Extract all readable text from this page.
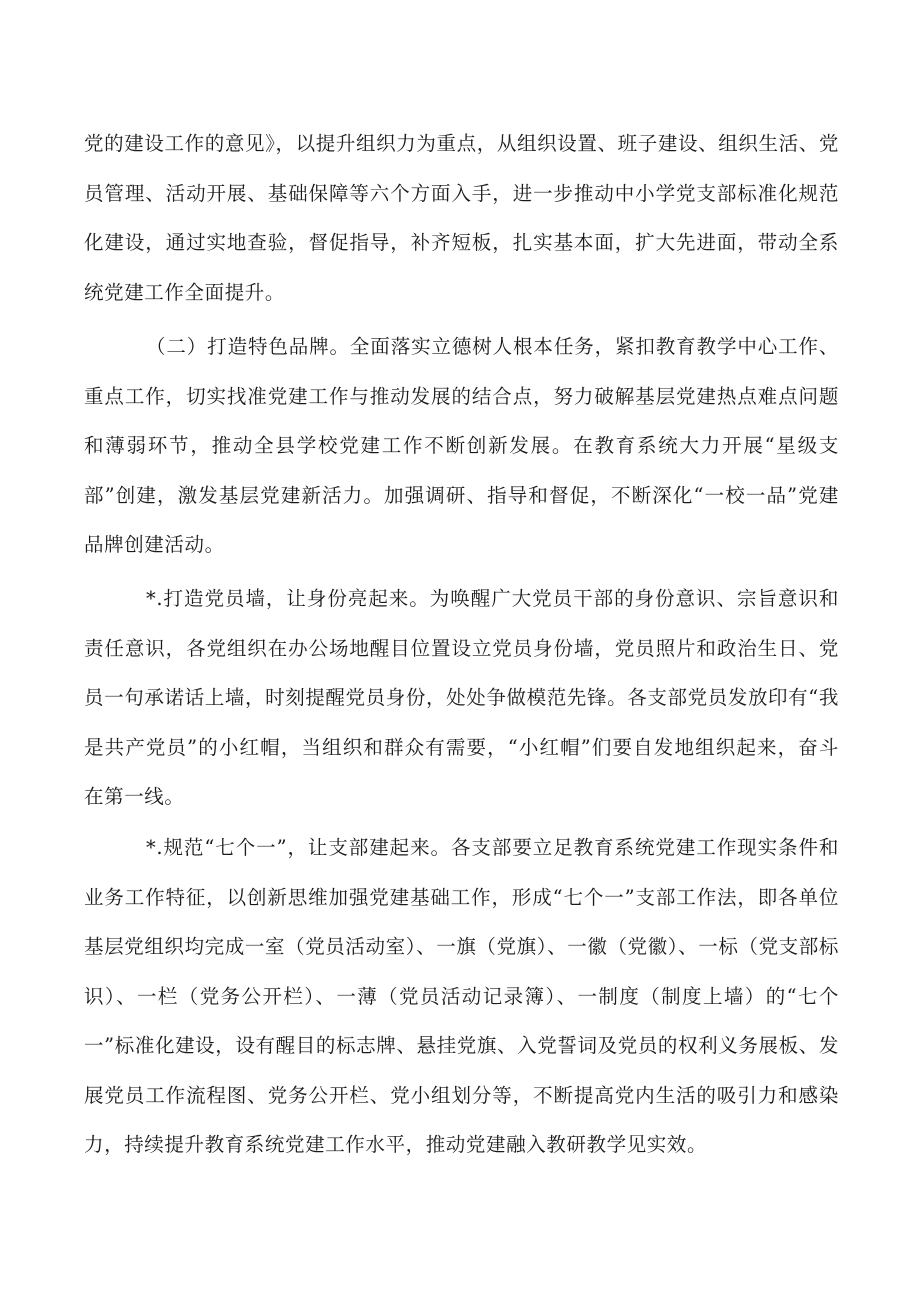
党的建设工作的意见》，以提升组织力为重点，从组织设置、班子建设、组织生活、党员管理、活动开展、基础保障等六个方面入手，进一步推动中小学党支部标准化规范化建设，通过实地查验，督促指导，补齐短板，扎实基本面，扩大先进面，带动全系统党建工作全面提升。

（二）打造特色品牌。全面落实立德树人根本任务，紧扣教育教学中心工作、重点工作，切实找准党建工作与推动发展的结合点，努力破解基层党建热点难点问题和薄弱环节，推动全县学校党建工作不断创新发展。在教育系统大力开展“星级支部”创建，激发基层党建新活力。加强调研、指导和督促，不断深化“一校一品”党建品牌创建活动。

*.打造党员墙，让身份亮起来。为唤醒广大党员干部的身份意识、宗旨意识和责任意识，各党组织在办公场地醒目位置设立党员身份墙，党员照片和政治生日、党员一句承诺话上墙，时刻提醒党员身份，处处争做模范先锋。各支部党员发放印有“我是共产党员”的小红帽，当组织和群众有需要，“小红帽”们要自发地组织起来，奋斗在第一线。

*.规范“七个一”，让支部建起来。各支部要立足教育系统党建工作现实条件和业务工作特征，以创新思维加强党建基础工作，形成“七个一”支部工作法，即各单位基层党组织均完成一室（党员活动室）、一旗（党旗）、一徽（党徽）、一标（党支部标识）、一栏（党务公开栏）、一薄（党员活动记录簿）、一制度（制度上墙）的“七个一”标准化建设，设有醒目的标志牌、悬挂党旗、入党誓词及党员的权利义务展板、发展党员工作流程图、党务公开栏、党小组划分等，不断提高党内生活的吸引力和感染力，持续提升教育系统党建工作水平，推动党建融入教研教学见实效。
